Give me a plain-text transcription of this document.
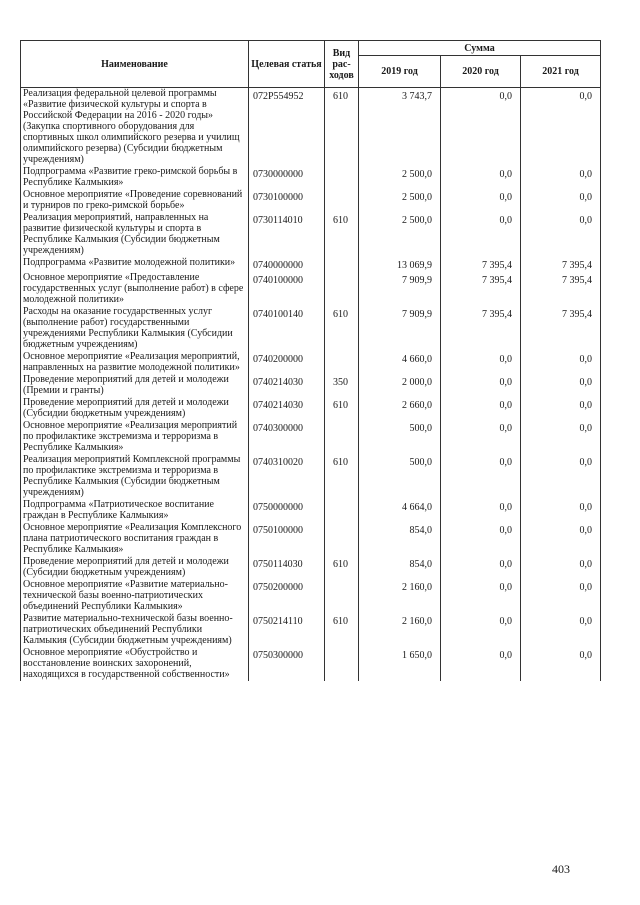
Наименование	Целевая статья	Вид рас-ходов	Сумма		
			2019 год	2020 год	2021 год
Реализация федеральной целевой программы «Развитие физической культуры и спорта в Российской Федерации на 2016 - 2020 годы» (Закупка спортивного оборудования для спортивных школ олимпийского резерва и училищ олимпийского резерва) (Субсидии бюджетным учреждениям)	072P554952	610	3 743,7	0,0	0,0
Подпрограмма «Развитие греко-римской борьбы в Республике Калмыкия»	0730000000		2 500,0	0,0	0,0
Основное мероприятие «Проведение соревнований и турниров по греко-римской борьбе»	0730100000		2 500,0	0,0	0,0
Реализация мероприятий, направленных на развитие физической культуры и спорта в Республике Калмыкия (Субсидии бюджетным учреждениям)	0730114010	610	2 500,0	0,0	0,0
Подпрограмма «Развитие молодежной политики»	0740000000		13 069,9	7 395,4	7 395,4
Основное мероприятие «Предоставление государственных услуг (выполнение работ) в сфере молодежной политики»	0740100000		7 909,9	7 395,4	7 395,4
Расходы на оказание государственных услуг (выполнение работ) государственными учреждениями Республики Калмыкия (Субсидии бюджетным учреждениям)	0740100140	610	7 909,9	7 395,4	7 395,4
Основное мероприятие «Реализация мероприятий, направленных на развитие молодежной политики»	0740200000		4 660,0	0,0	0,0
Проведение мероприятий для детей и молодежи (Премии и гранты)	0740214030	350	2 000,0	0,0	0,0
Проведение мероприятий для детей и молодежи (Субсидии бюджетным учреждениям)	0740214030	610	2 660,0	0,0	0,0
Основное мероприятие «Реализация мероприятий по профилактике экстремизма и терроризма в Республике Калмыкия»	0740300000		500,0	0,0	0,0
Реализация мероприятий Комплексной программы по профилактике экстремизма и терроризма в Республике Калмыкия (Субсидии бюджетным учреждениям)	0740310020	610	500,0	0,0	0,0
Подпрограмма «Патриотическое воспитание граждан в Республике Калмыкия»	0750000000		4 664,0	0,0	0,0
Основное мероприятие «Реализация Комплексного плана патриотического воспитания граждан в Республике Калмыкия»	0750100000		854,0	0,0	0,0
Проведение мероприятий для детей и молодежи (Субсидии бюджетным учреждениям)	0750114030	610	854,0	0,0	0,0
Основное мероприятие «Развитие материально-технической базы военно-патриотических объединений Республики Калмыкия»	0750200000		2 160,0	0,0	0,0
Развитие материально-технической базы военно-патриотических объединений Республики Калмыкия (Субсидии бюджетным учреждениям)	0750214110	610	2 160,0	0,0	0,0
Основное мероприятие «Обустройство и восстановление воинских захоронений, находящихся в государственной собственности»	0750300000		1 650,0	0,0	0,0
403
